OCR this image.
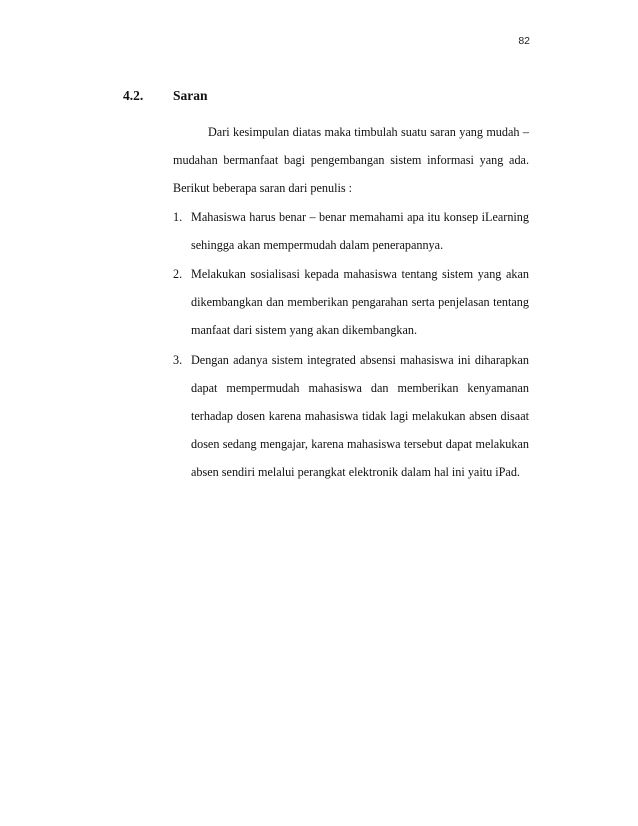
82
4.2. Saran
Dari kesimpulan diatas maka timbulah suatu saran yang mudah –
mudahan bermanfaat bagi pengembangan sistem informasi yang ada.
Berikut beberapa saran dari penulis :
1. Mahasiswa harus benar – benar memahami apa itu konsep iLearning
sehingga akan mempermudah dalam penerapannya.
2. Melakukan sosialisasi kepada mahasiswa tentang sistem yang akan
dikembangkan dan memberikan pengarahan serta penjelasan tentang
manfaat dari sistem yang akan dikembangkan.
3. Dengan adanya sistem integrated absensi mahasiswa ini diharapkan
dapat mempermudah mahasiswa dan memberikan kenyamanan
terhadap dosen karena mahasiswa tidak lagi melakukan absen disaat
dosen sedang mengajar, karena mahasiswa tersebut dapat melakukan
absen sendiri melalui perangkat elektronik dalam hal ini yaitu iPad.
